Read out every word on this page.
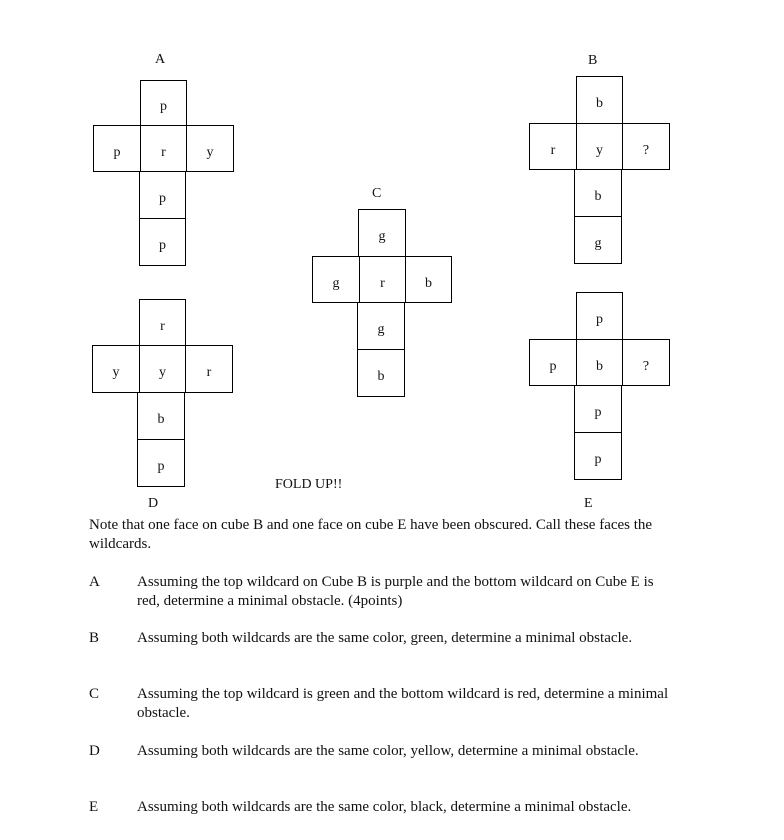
A
p
p	r	y
p
p
B
b
r	y	?
b
g
C
g
g	r	b
g
b
r
y	y	r
b
p
D
p
p	b	?
p
p
E
FOLD UP!!
Note that one face on cube B and one face on cube E have been obscured. Call these faces the wildcards.
A Assuming the top wildcard on Cube B is purple and the bottom wildcard on Cube E is red, determine a minimal obstacle. (4points)
B	Assuming both wildcards are the same color, green, determine a minimal obstacle.
C	Assuming the top wildcard is green and the bottom wildcard is red, determine a minimal obstacle.
D Assuming both wildcards are the same color, yellow, determine a minimal obstacle.
E	Assuming both wildcards are the same color, black, determine a minimal obstacle.
